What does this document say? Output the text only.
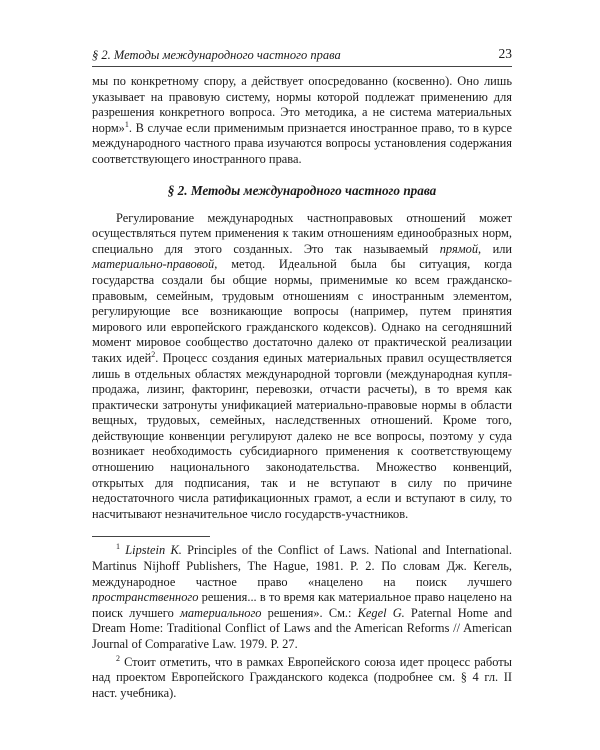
§ 2. Методы международного частного права	23

мы по конкретному спору, а действует опосредованно (косвенно). Оно лишь указывает на правовую систему, нормы которой подлежат применению для разрешения конкретного вопроса. Это методика, а не система материальных норм»$^1$. В случае если применимым признается иностранное право, то в курсе международного частного права изучаются вопросы установления содержания соответствующего иностранного права.

§ 2. Методы международного частного права

Регулирование международных частноправовых отношений может осуществляться путем применения к таким отношениям единообразных норм, специально для этого созданных. Это так называемый прямой, или материально-правовой, метод. Идеальной была бы ситуация, когда государства создали бы общие нормы, применимые ко всем гражданско-правовым, семейным, трудовым отношениям с иностранным элементом, регулирующие все возникающие вопросы (например, путем принятия мирового или европейского гражданского кодексов). Однако на сегодняшний момент мировое сообщество достаточно далеко от практической реализации таких идей$^2$. Процесс создания единых материальных правил осуществляется лишь в отдельных областях международной торговли (международная купля-продажа, лизинг, факторинг, перевозки, отчасти расчеты), в то время как практически затронуты унификацией материально-правовые нормы в области вещных, трудовых, семейных, наследственных отношений. Кроме того, действующие конвенции регулируют далеко не все вопросы, поэтому у суда возникает необходимость субсидиарного применения к соответствующему отношению национального законодательства. Множество конвенций, открытых для подписания, так и не вступают в силу по причине недостаточного числа ратификационных грамот, а если и вступают в силу, то насчитывают незначительное число государств-участников.

$^1$ Lipstein K. Principles of the Conflict of Laws. National and International. Martinus Nijhoff Publishers, The Hague, 1981. P. 2. По словам Дж. Кегель, международное частное право «нацелено на поиск лучшего пространственного решения... в то время как материальное право нацелено на поиск лучшего материального решения». См.: Kegel G. Paternal Home and Dream Home: Traditional Conflict of Laws and the American Reforms // American Journal of Comparative Law. 1979. P. 27.

$^2$ Стоит отметить, что в рамках Европейского союза идет процесс работы над проектом Европейского Гражданского кодекса (подробнее см. § 4 гл. II наст. учебника).
